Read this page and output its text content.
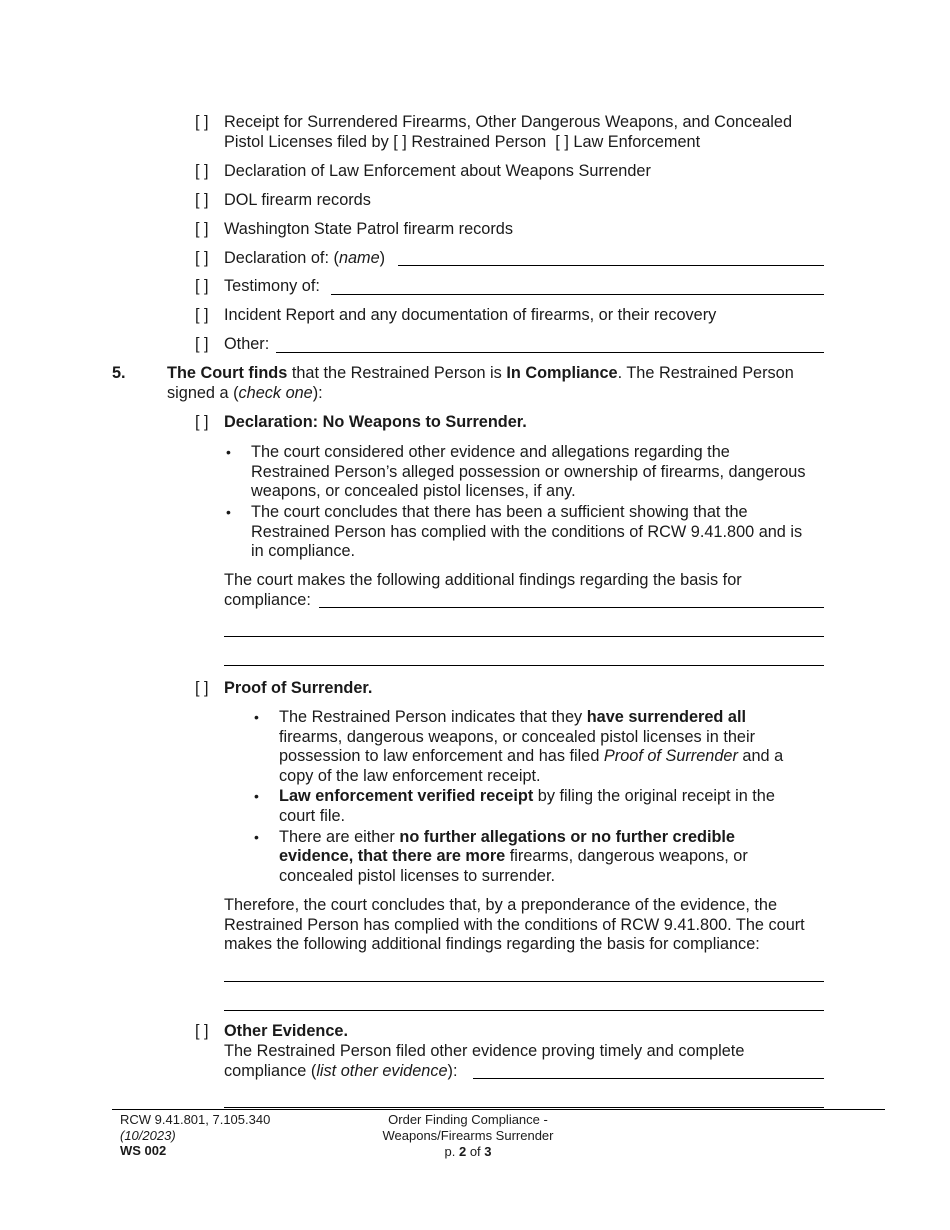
[ ] Receipt for Surrendered Firearms, Other Dangerous Weapons, and Concealed
Pistol Licenses filed by [ ] Restrained Person [ ] Law Enforcement
[ ] Declaration of Law Enforcement about Weapons Surrender
[ ] DOL firearm records
[ ] Washington State Patrol firearm records
[ ] Declaration of: (name)
[ ] Testimony of:
[ ] Incident Report and any documentation of firearms, or their recovery
[ ] Other:
5.	The Court finds that the Restrained Person is In Compliance. The Restrained Person
signed a (check one):
[ ] Declaration: No Weapons to Surrender.
• The court considered other evidence and allegations regarding the
Restrained Person’s alleged possession or ownership of firearms, dangerous
weapons, or concealed pistol licenses, if any.
• The court concludes that there has been a sufficient showing that the
Restrained Person has complied with the conditions of RCW 9.41.800 and is
in compliance.
The court makes the following additional findings regarding the basis for
compliance:
[ ] Proof of Surrender.
• The Restrained Person indicates that they have surrendered all
firearms, dangerous weapons, or concealed pistol licenses in their
possession to law enforcement and has filed Proof of Surrender and a
copy of the law enforcement receipt.
• Law enforcement verified receipt by filing the original receipt in the
court file.
• There are either no further allegations or no further credible
evidence, that there are more firearms, dangerous weapons, or
concealed pistol licenses to surrender.
Therefore, the court concludes that, by a preponderance of the evidence, the
Restrained Person has complied with the conditions of RCW 9.41.800. The court
makes the following additional findings regarding the basis for compliance:
[ ] Other Evidence.
The Restrained Person filed other evidence proving timely and complete
compliance (list other evidence):
RCW 9.41.801, 7.105.340
(10/2023)
WS 002
Order Finding Compliance -
Weapons/Firearms Surrender
p. 2 of 3
